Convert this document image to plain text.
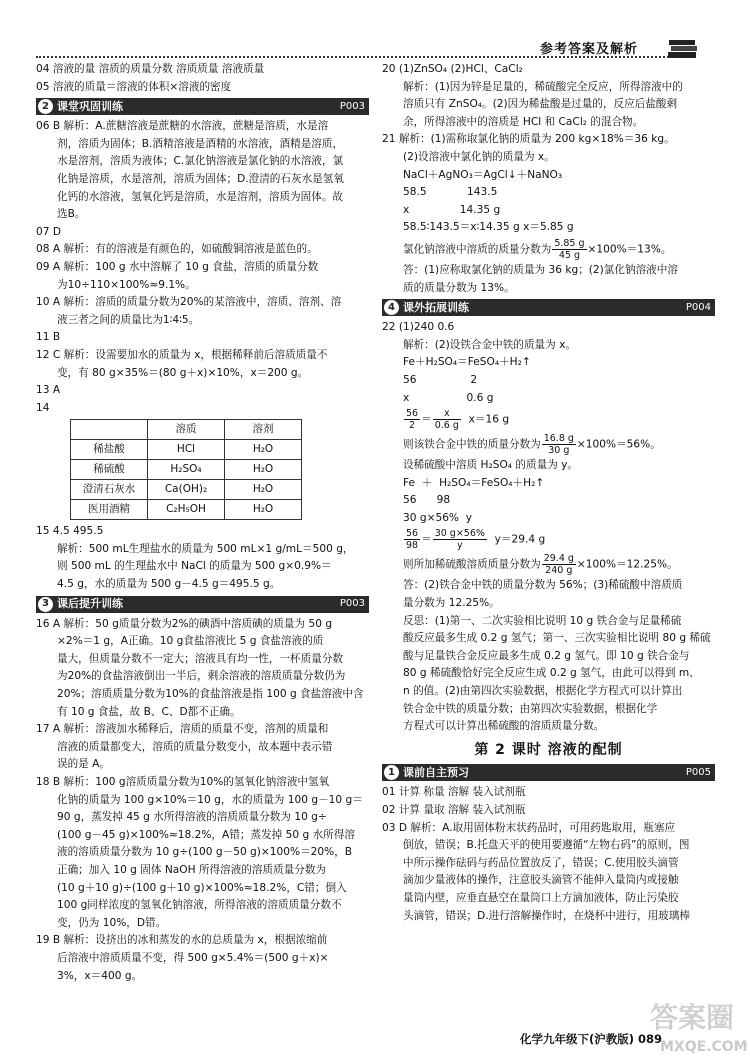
参考答案及解析
04 溶液的量 溶质的质量分数 溶质质量 溶液质量
05 溶液的质量＝溶液的体积×溶液的密度
2 课堂巩固训练	P003
06 B 解析：A.蔗糖溶液是蔗糖的水溶液，蔗糖是溶质，水是溶
剂，溶质为固体；B.酒精溶液是酒精的水溶液，酒精是溶质，
水是溶剂，溶质为液体；C.氯化钠溶液是氯化钠的水溶液，氯
化钠是溶质，水是溶剂，溶质为固体；D.澄清的石灰水是氢氧
化钙的水溶液，氢氧化钙是溶质，水是溶剂，溶质为固体。故
选B。
07 D
08 A 解析：有的溶液是有颜色的，如硫酸铜溶液是蓝色的。
09 A 解析：100 g 水中溶解了 10 g 食盐，溶质的质量分数
为10÷110×100%≈9.1%。
10 A 解析：溶质的质量分数为20%的某溶液中，溶质、溶剂、溶
液三者之间的质量比为1∶4∶5。
11 B
12 C 解析：设需要加水的质量为 x，根据稀释前后溶质质量不
变，有 80 g×35%＝(80 g＋x)×10%，x＝200 g。
13 A
14
	溶质	溶剂
稀盐酸	HCl	H₂O
稀硫酸	H₂SO₄	H₂O
澄清石灰水	Ca(OH)₂	H₂O
医用酒精	C₂H₅OH	H₂O
15 4.5 495.5
解析：500 mL生理盐水的质量为 500 mL×1 g/mL＝500 g，
则 500 mL 的生理盐水中 NaCl 的质量为 500 g×0.9%＝
4.5 g，水的质量为 500 g－4.5 g＝495.5 g。
3 课后提升训练	P003
16 A 解析：50 g质量分数为2%的碘酒中溶质碘的质量为 50 g
×2%＝1 g，A正确。10 g食盐溶液比 5 g 食盐溶液的质
量大，但质量分数不一定大；溶液具有均一性，一杯质量分数
为20%的食盐溶液倒出一半后，剩余溶液的溶质质量分数仍为
20%；溶质质量分数为10%的食盐溶液是指 100 g 食盐溶液中含
有 10 g 食盐，故 B、C、D都不正确。
17 A 解析：溶液加水稀释后，溶质的质量不变，溶剂的质量和
溶液的质量都变大，溶质的质量分数变小，故本题中表示错
误的是 A。
18 B 解析：100 g溶质质量分数为10%的氢氧化钠溶液中氢氧
化钠的质量为 100 g×10%＝10 g，水的质量为 100 g－10 g＝
90 g，蒸发掉 45 g 水所得溶液的溶质质量分数为 10 g÷
(100 g－45 g)×100%≈18.2%，A错；蒸发掉 50 g 水所得溶
液的溶质质量分数为 10 g÷(100 g－50 g)×100%＝20%，B
正确；加入 10 g 固体 NaOH 所得溶液的溶质质量分数为
(10 g＋10 g)÷(100 g＋10 g)×100%≈18.2%，C错；倒入
100 g同样浓度的氢氧化钠溶液，所得溶液的溶质质量分数不
变，仍为 10%，D错。
19 B 解析：设挤出的冰和蒸发的水的总质量为 x，根据浓缩前
后溶液中溶质质量不变，得 500 g×5.4%＝(500 g＋x)×
3%，x＝400 g。
20 (1)ZnSO₄ (2)HCl、CaCl₂
解析：(1)因为锌是足量的，稀硫酸完全反应，所得溶液中的
溶质只有 ZnSO₄。(2)因为稀盐酸是过量的，反应后盐酸剩
余，所得溶液中的溶质是 HCl 和 CaCl₂ 的混合物。
21 解析：(1)需称取氯化钠的质量为 200 kg×18%＝36 kg。
(2)设溶液中氯化钠的质量为 x。
NaCl＋AgNO₃＝AgCl↓＋NaNO₃
58.5            143.5
x               14.35 g
58.5∶143.5＝x∶14.35 g x＝5.85 g
氯化钠溶液中溶质的质量分数为 $\frac{5.85 g}{45 g} \times 100\%=13\%$。
答：(1)应称取氯化钠的质量为 36 kg；(2)氯化钠溶液中溶
质的质量分数为 13%。
4 课外拓展训练	P004
22 (1)240 0.6
解析：(2)设铁合金中铁的质量为 x。
Fe＋H₂SO₄＝FeSO₄＋H₂↑
56                2
x                 0.6 g
$\frac{56}{2} = \frac{x}{0.6 g} x=16$ g
则该铁合金中铁的质量分数为 $\frac{16.8 g}{30 g} \times 100\%=56\%$。
设稀硫酸中溶质 H₂SO₄ 的质量为 y。
Fe  ＋  H₂SO₄＝FeSO₄＋H₂↑
56      98
30 g×56%  y
$\frac{56}{98} = \frac{30 g\times 56\%}{y} y=29.4$ g
则所加稀硫酸溶质质量分数为 $\frac{29.4 g}{240 g} \times 100\%=12.25\%$。
答：(2)铁合金中铁的质量分数为 56%；(3)稀硫酸中溶质质
量分数为 12.25%。
反思：(1)第一、二次实验相比说明 10 g 铁合金与足量稀硫
酸反应最多生成 0.2 g 氢气；第一、三次实验相比说明 80 g 稀硫
酸与足量铁合金反应最多生成 0.2 g 氢气。即 10 g 铁合金与
80 g 稀硫酸恰好完全反应生成 0.2 g 氢气，由此可以得到 m、
n 的值。(2)由第四次实验数据，根据化学方程式可以计算出
铁合金中铁的质量分数；由第四次实验数据，根据化学
方程式可以计算出稀硫酸的溶质质量分数。
第 2 课时 溶液的配制
1 课前自主预习	P005
01 计算 称量 溶解 装入试剂瓶
02 计算 量取 溶解 装入试剂瓶
03 D 解析：A.取用固体粉末状药品时，可用药匙取用，瓶塞应
倒放，错误；B.托盘天平的使用要遵循“左物右码”的原则，图
中所示操作砝码与药品位置放反了，错误；C.使用胶头滴管
滴加少量液体的操作，注意胶头滴管不能伸入量筒内或接触
量筒内壁，应垂直悬空在量筒口上方滴加液体，防止污染胶
头滴管，错误；D.进行溶解操作时，在烧杯中进行，用玻璃棒
化学九年级下(沪教版) 089
答案圈
MXQE.COM
